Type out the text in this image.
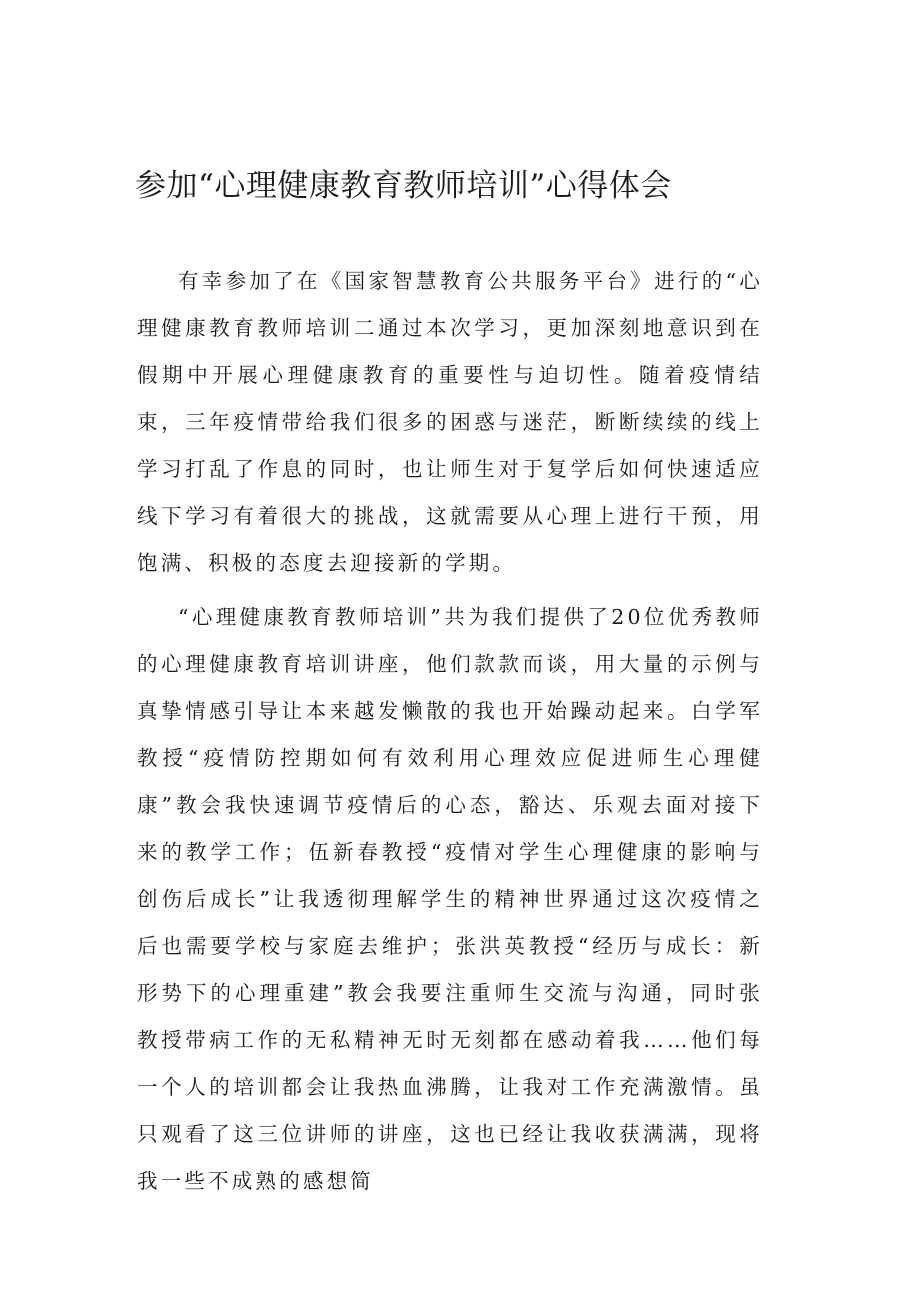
参加“心理健康教育教师培训”心得体会

有幸参加了在《国家智慧教育公共服务平台》进行的“心理健康教育教师培训二通过本次学习，更加深刻地意识到在假期中开展心理健康教育的重要性与迫切性。随着疫情结束，三年疫情带给我们很多的困惑与迷茫，断断续续的线上学习打乱了作息的同时，也让师生对于复学后如何快速适应线下学习有着很大的挑战，这就需要从心理上进行干预，用饱满、积极的态度去迎接新的学期。

“心理健康教育教师培训”共为我们提供了20位优秀教师的心理健康教育培训讲座，他们款款而谈，用大量的示例与真挚情感引导让本来越发懒散的我也开始躁动起来。白学军教授“疫情防控期如何有效利用心理效应促进师生心理健康”教会我快速调节疫情后的心态，豁达、乐观去面对接下来的教学工作；伍新春教授“疫情对学生心理健康的影响与创伤后成长”让我透彻理解学生的精神世界通过这次疫情之后也需要学校与家庭去维护；张洪英教授“经历与成长：新形势下的心理重建”教会我要注重师生交流与沟通，同时张教授带病工作的无私精神无时无刻都在感动着我……他们每一个人的培训都会让我热血沸腾，让我对工作充满激情。虽只观看了这三位讲师的讲座，这也已经让我收获满满，现将我一些不成熟的感想简
